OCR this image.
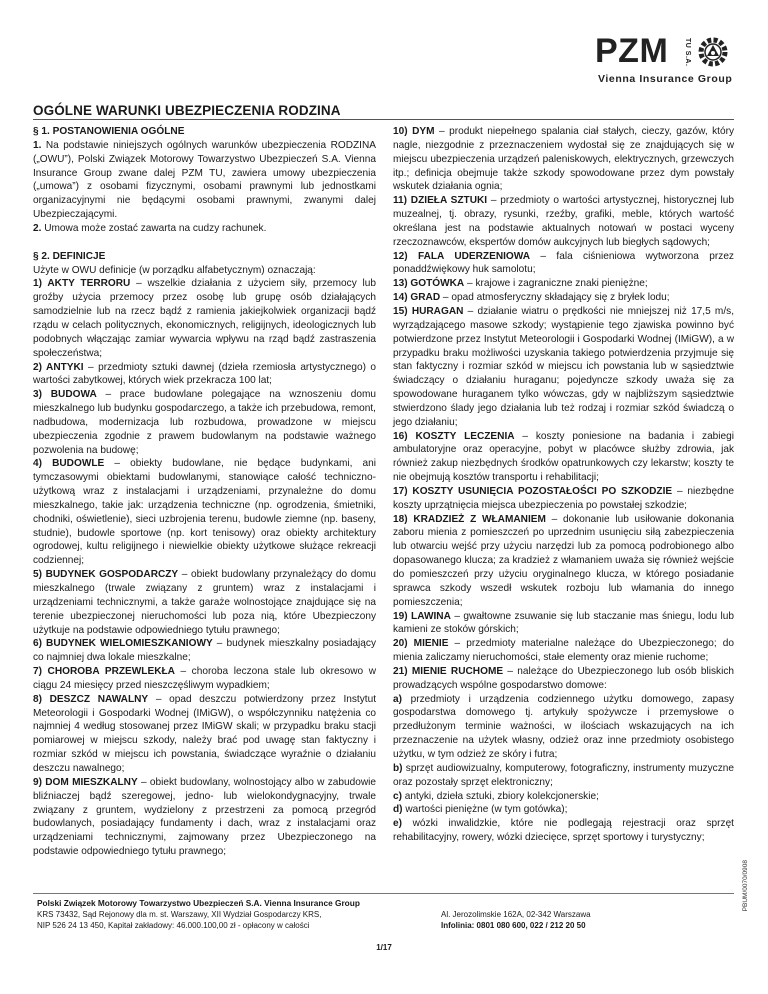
PZM TU S.A.
Vienna Insurance Group
OGÓLNE WARUNKI UBEZPIECZENIA RODZINA

§ 1. POSTANOWIENIA OGÓLNE

1. Na podstawie niniejszych ogólnych warunków ubezpieczenia RODZINA („OWU”), Polski Związek Motorowy Towarzystwo Ubezpieczeń S.A. Vienna Insurance Group zwane dalej PZM TU, zawiera umowy ubezpieczenia („umowa”) z osobami fizycznymi, osobami prawnymi lub jednostkami organizacyjnymi nie będącymi osobami prawnymi, zwanymi dalej Ubezpieczającymi.

2. Umowa może zostać zawarta na cudzy rachunek.

§ 2. DEFINICJE

Użyte w OWU definicje (w porządku alfabetycznym) oznaczają:

1) AKTY TERRORU – wszelkie działania z użyciem siły, przemocy lub groźby użycia przemocy przez osobę lub grupę osób działających samodzielnie lub na rzecz bądź z ramienia jakiejkolwiek organizacji bądź rządu w celach politycznych, ekonomicznych, religijnych, ideologicznych lub podobnych włączając zamiar wywarcia wpływu na rząd bądź zastraszenia społeczeństwa;

2) ANTYKI – przedmioty sztuki dawnej (dzieła rzemiosła artystycznego) o wartości zabytkowej, których wiek przekracza 100 lat;

3) BUDOWA – prace budowlane polegające na wznoszeniu domu mieszkalnego lub budynku gospodarczego, a także ich przebudowa, remont, nadbudowa, modernizacja lub rozbudowa, prowadzone w miejscu ubezpieczenia zgodnie z prawem budowlanym na podstawie ważnego pozwolenia na budowę;

4) BUDOWLE – obiekty budowlane, nie będące budynkami, ani tymczasowymi obiektami budowlanymi, stanowiące całość techniczno-użytkową wraz z instalacjami i urządzeniami, przynależne do domu mieszkalnego, takie jak: urządzenia techniczne (np. ogrodzenia, śmietniki, chodniki, oświetlenie), sieci uzbrojenia terenu, budowle ziemne (np. baseny, studnie), budowle sportowe (np. kort tenisowy) oraz obiekty architektury ogrodowej, kultu religijnego i niewielkie obiekty użytkowe służące rekreacji codziennej;

5) BUDYNEK GOSPODARCZY – obiekt budowlany przynależący do domu mieszkalnego (trwale związany z gruntem) wraz z instalacjami i urządzeniami technicznymi, a także garaże wolnostojące znajdujące się na terenie ubezpieczonej nieruchomości lub poza nią, które Ubezpieczony użytkuje na podstawie odpowiedniego tytułu prawnego;

6) BUDYNEK WIELOMIESZKANIOWY – budynek mieszkalny posiadający co najmniej dwa lokale mieszkalne;

7) CHOROBA PRZEWLEKŁA – choroba leczona stale lub okresowo w ciągu 24 miesięcy przed nieszczęśliwym wypadkiem;

8) DESZCZ NAWALNY – opad deszczu potwierdzony przez Instytut Meteorologii i Gospodarki Wodnej (IMiGW), o współczynniku natężenia co najmniej 4 według stosowanej przez IMiGW skali; w przypadku braku stacji pomiarowej w miejscu szkody, należy brać pod uwagę stan faktyczny i rozmiar szkód w miejscu ich powstania, świadczące wyraźnie o działaniu deszczu nawalnego;

9) DOM MIESZKALNY – obiekt budowlany, wolnostojący albo w zabudowie bliźniaczej bądź szeregowej, jedno- lub wielokondygnacyjny, trwale związany z gruntem, wydzielony z przestrzeni za pomocą przegród budowlanych, posiadający fundamenty i dach, wraz z instalacjami oraz urządzeniami technicznymi, zajmowany przez Ubezpieczonego na podstawie odpowiedniego tytułu prawnego;

10) DYM – produkt niepełnego spalania ciał stałych, cieczy, gazów, który nagle, niezgodnie z przeznaczeniem wydostał się ze znajdujących się w miejscu ubezpieczenia urządzeń paleniskowych, elektrycznych, grzewczych itp.; definicja obejmuje także szkody spowodowane przez dym powstały wskutek działania ognia;

11) DZIEŁA SZTUKI – przedmioty o wartości artystycznej, historycznej lub muzealnej, tj. obrazy, rysunki, rzeźby, grafiki, meble, których wartość określana jest na podstawie aktualnych notowań w postaci wyceny rzeczoznawców, ekspertów domów aukcyjnych lub biegłych sądowych;

12) FALA UDERZENIOWA – fala ciśnieniowa wytworzona przez ponaddźwiękowy huk samolotu;

13) GOTÓWKA – krajowe i zagraniczne znaki pieniężne;

14) GRAD – opad atmosferyczny składający się z bryłek lodu;

15) HURAGAN – działanie wiatru o prędkości nie mniejszej niż 17,5 m/s, wyrządzającego masowe szkody; wystąpienie tego zjawiska powinno być potwierdzone przez Instytut Meteorologii i Gospodarki Wodnej (IMiGW), a w przypadku braku możliwości uzyskania takiego potwierdzenia przyjmuje się stan faktyczny i rozmiar szkód w miejscu ich powstania lub w sąsiedztwie świadczący o działaniu huraganu; pojedyncze szkody uważa się za spowodowane huraganem tylko wówczas, gdy w najbliższym sąsiedztwie stwierdzono ślady jego działania lub też rodzaj i rozmiar szkód świadczą o jego działaniu;

16) KOSZTY LECZENIA – koszty poniesione na badania i zabiegi ambulatoryjne oraz operacyjne, pobyt w placówce służby zdrowia, jak również zakup niezbędnych środków opatrunkowych czy lekarstw; koszty te nie obejmują kosztów transportu i rehabilitacji;

17) KOSZTY USUNIĘCIA POZOSTAŁOŚCI PO SZKODZIE – niezbędne koszty uprzątnięcia miejsca ubezpieczenia po powstałej szkodzie;

18) KRADZIEŻ Z WŁAMANIEM – dokonanie lub usiłowanie dokonania zaboru mienia z pomieszczeń po uprzednim usunięciu siłą zabezpieczenia lub otwarciu wejść przy użyciu narzędzi lub za pomocą podrobionego albo dopasowanego klucza; za kradzież z włamaniem uważa się również wejście do pomieszczeń przy użyciu oryginalnego klucza, w którego posiadanie sprawca szkody wszedł wskutek rozboju lub włamania do innego pomieszczenia;

19) LAWINA – gwałtowne zsuwanie się lub staczanie mas śniegu, lodu lub kamieni ze stoków górskich;

20) MIENIE – przedmioty materialne należące do Ubezpieczonego; do mienia zaliczamy nieruchomości, stałe elementy oraz mienie ruchome;

21) MIENIE RUCHOME – należące do Ubezpieczonego lub osób bliskich prowadzących wspólne gospodarstwo domowe:

a) przedmioty i urządzenia codziennego użytku domowego, zapasy gospodarstwa domowego tj. artykuły spożywcze i przemysłowe o przedłużonym terminie ważności, w ilościach wskazujących na ich przeznaczenie na użytek własny, odzież oraz inne przedmioty osobistego użytku, w tym odzież ze skóry i futra;

b) sprzęt audiowizualny, komputerowy, fotograficzny, instrumenty muzyczne oraz pozostały sprzęt elektroniczny;

c) antyki, dzieła sztuki, zbiory kolekcjonerskie;

d) wartości pieniężne (w tym gotówka);

e) wózki inwalidzkie, które nie podlegają rejestracji oraz sprzęt rehabilitacyjny, rowery, wózki dziecięce, sprzęt sportowy i turystyczny;

Polski Związek Motorowy Towarzystwo Ubezpieczeń S.A. Vienna Insurance Group
KRS 73432, Sąd Rejonowy dla m. st. Warszawy, XII Wydział Gospodarczy KRS,
NIP 526 24 13 450, Kapitał zakładowy: 46.000.100,00 zł - opłacony w całości
Al. Jerozolimskie 162A, 02-342 Warszawa
Infolinia: 0801 080 600, 022 / 212 20 50
1/17
PBUM/0070/0908
